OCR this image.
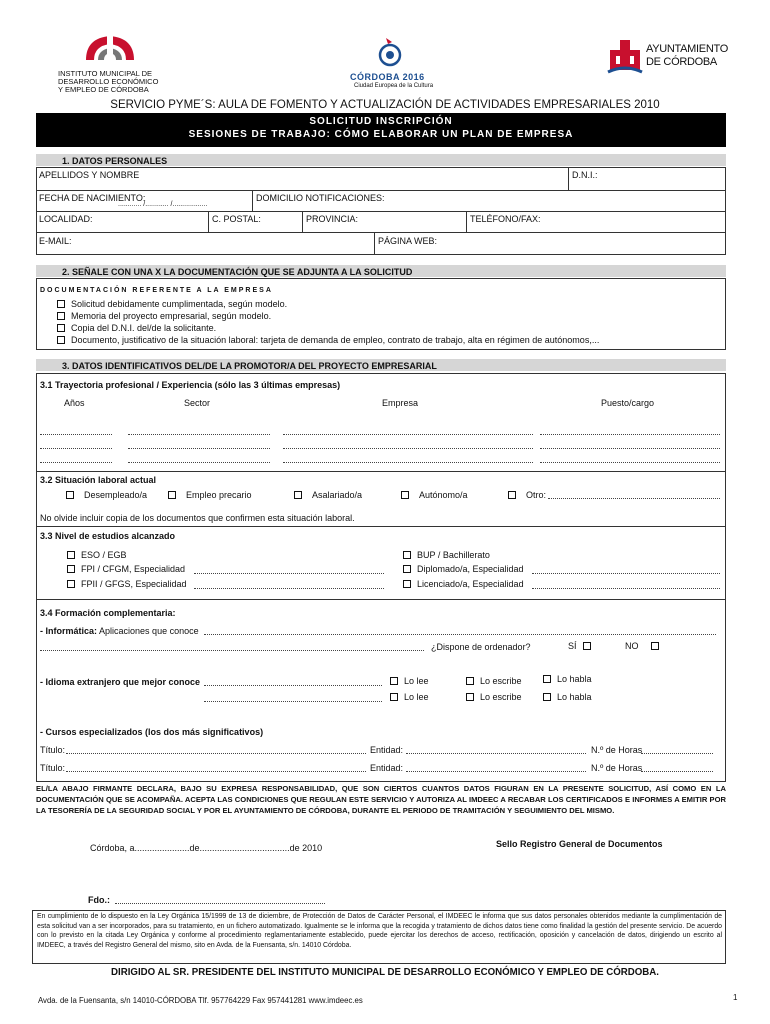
INSTITUTO MUNICIPAL DE
DESARROLLO ECONÓMICO
Y EMPLEO DE CÓRDOBA
CÓRDOBA 2016
Ciudad Europea de la Cultura
AYUNTAMIENTO
DE CÓRDOBA
SERVICIO PYME´S: AULA DE FOMENTO Y ACTUALIZACIÓN DE ACTIVIDADES EMPRESARIALES 2010
SOLICITUD INSCRIPCIÓN
SESIONES DE TRABAJO: CÓMO ELABORAR UN PLAN DE EMPRESA
1. DATOS PERSONALES
APELLIDOS Y NOMBRE	D.N.I.:
FECHA DE NACIMIENTO:
............ /............ /..................
DOMICILIO NOTIFICACIONES:
LOCALIDAD:	C. POSTAL:	PROVINCIA:	TELÉFONO/FAX:
E-MAIL:	PÁGINA WEB:
2. SEÑALE CON UNA X LA DOCUMENTACIÓN QUE SE ADJUNTA A LA SOLICITUD
DOCUMENTACIÓN REFERENTE A LA EMPRESA
Solicitud debidamente cumplimentada, según modelo.
Memoria del proyecto empresarial, según modelo.
Copia del D.N.I. del/de la solicitante.
Documento, justificativo de la situación laboral: tarjeta de demanda de empleo, contrato de trabajo, alta en régimen de autónomos,...
3. DATOS IDENTIFICATIVOS DEL/DE LA PROMOTOR/A DEL PROYECTO EMPRESARIAL
3.1 Trayectoria profesional / Experiencia (sólo las 3 últimas empresas)
Años	Sector	Empresa	Puesto/cargo
3.2 Situación laboral actual
Desempleado/a	Empleo precario	Asalariado/a	Autónomo/a	Otro:
No olvide incluir copia de los documentos que confirmen esta situación laboral.
3.3 Nivel de estudios alcanzado
ESO / EGB
FPI / CFGM, Especialidad
FPII / GFGS, Especialidad
BUP / Bachillerato
Diplomado/a, Especialidad
Licenciado/a, Especialidad
3.4 Formación complementaria:
- Informática: Aplicaciones que conoce
¿Dispone de ordenador?	SÍ	NO
- Idioma extranjero que mejor conoce	Lo lee	Lo escribe	Lo habla
Lo lee	Lo escribe	Lo habla
- Cursos especializados (los dos más significativos)
Título:	Entidad:	N.º de Horas
Título:	Entidad:	N.º de Horas
EL/LA ABAJO FIRMANTE DECLARA, BAJO SU EXPRESA RESPONSABILIDAD, QUE SON CIERTOS CUANTOS DATOS FIGURAN EN LA PRESENTE SOLICITUD, ASÍ COMO EN LA DOCUMENTACIÓN QUE SE ACOMPAÑA. ACEPTA LAS CONDICIONES QUE REGULAN ESTE SERVICIO Y AUTORIZA AL IMDEEC A RECABAR LOS CERTIFICADOS E INFORMES A EMITIR POR LA TESORERÍA DE LA SEGURIDAD SOCIAL Y POR EL AYUNTAMIENTO DE CÓRDOBA, DURANTE EL PERIODO DE TRAMITACIÓN Y SEGUIMIENTO DEL MISMO.
Córdoba, a......................de....................................de 2010	Sello Registro General de Documentos
Fdo.:
En cumplimiento de lo dispuesto en la Ley Orgánica 15/1999 de 13 de diciembre, de Protección de Datos de Carácter Personal, el IMDEEC le informa que sus datos personales obtenidos mediante la cumplimentación de esta solicitud van a ser incorporados, para su tratamiento, en un fichero automatizado. Igualmente se le informa que la recogida y tratamiento de dichos datos tiene como finalidad la gestión del presente servicio. De acuerdo con lo previsto en la citada Ley Orgánica y conforme al procedimiento reglamentariamente establecido, puede ejercitar los derechos de acceso, rectificación, oposición y cancelación de datos, dirigiendo un escrito al IMDEEC, a través del Registro General del mismo, sito en Avda. de la Fuensanta, s/n. 14010 Córdoba.
DIRIGIDO AL SR. PRESIDENTE DEL INSTITUTO MUNICIPAL DE DESARROLLO ECONÓMICO Y EMPLEO DE CÓRDOBA.
Avda. de la Fuensanta, s/n 14010-CÓRDOBA Tlf. 957764229 Fax 957441281 www.imdeec.es	1
